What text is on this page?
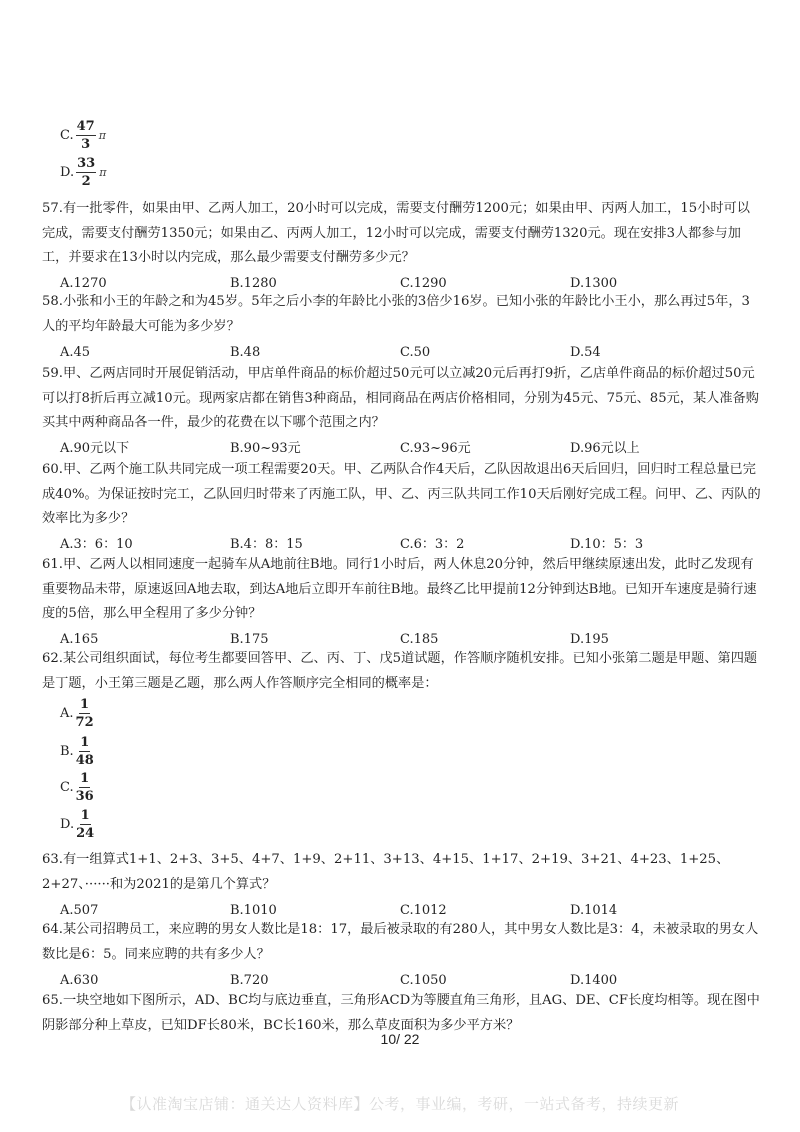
C. $\frac{47}{3}$ π
D. $\frac{33}{2}$ π
57.有一批零件，如果由甲、乙两人加工，20小时可以完成，需要支付酬劳1200元；如果由甲、丙两人加工，15小时可以完成，需要支付酬劳1350元；如果由乙、丙两人加工，12小时可以完成，需要支付酬劳1320元。现在安排3人都参与加工，并要求在13小时以内完成，那么最少需要支付酬劳多少元？
A.1270	B.1280	C.1290	D.1300
58.小张和小王的年龄之和为45岁。5年之后小李的年龄比小张的3倍少16岁。已知小张的年龄比小王小，那么再过5年，3人的平均年龄最大可能为多少岁？
A.45	B.48	C.50	D.54
59.甲、乙两店同时开展促销活动，甲店单件商品的标价超过50元可以立减20元后再打9折，乙店单件商品的标价超过50元可以打8折后再立减10元。现两家店都在销售3种商品，相同商品在两店价格相同，分别为45元、75元、85元，某人准备购买其中两种商品各一件，最少的花费在以下哪个范围之内？
A.90元以下	B.90~93元	C.93~96元	D.96元以上
60.甲、乙两个施工队共同完成一项工程需要20天。甲、乙两队合作4天后，乙队因故退出6天后回归，回归时工程总量已完成40%。为保证按时完工，乙队回归时带来了丙施工队，甲、乙、丙三队共同工作10天后刚好完成工程。问甲、乙、丙队的效率比为多少？
A.3：6：10	B.4：8：15	C.6：3：2	D.10：5：3
61.甲、乙两人以相同速度一起骑车从A地前往B地。同行1小时后，两人休息20分钟，然后甲继续原速出发，此时乙发现有重要物品未带，原速返回A地去取，到达A地后立即开车前往B地。最终乙比甲提前12分钟到达B地。已知开车速度是骑行速度的5倍，那么甲全程用了多少分钟？
A.165	B.175	C.185	D.195
62.某公司组织面试，每位考生都要回答甲、乙、丙、丁、戊5道试题，作答顺序随机安排。已知小张第二题是甲题、第四题是丁题，小王第三题是乙题，那么两人作答顺序完全相同的概率是：
A. $\frac{1}{72}$
B. $\frac{1}{48}$
C. $\frac{1}{36}$
D. $\frac{1}{24}$
63.有一组算式1+1、2+3、3+5、4+7、1+9、2+11、3+13、4+15、1+17、2+19、3+21、4+23、1+25、2+27、······和为2021的是第几个算式？
A.507	B.1010	C.1012	D.1014
64.某公司招聘员工，来应聘的男女人数比是18：17，最后被录取的有280人，其中男女人数比是3：4，未被录取的男女人数比是6：5。同来应聘的共有多少人？
A.630	B.720	C.1050	D.1400
65.一块空地如下图所示，AD、BC均与底边垂直，三角形ACD为等腰直角三角形，且AG、DE、CF长度均相等。现在图中阴影部分种上草皮，已知DF长80米，BC长160米，那么草皮面积为多少平方米？
10/ 22
【认准淘宝店铺：通关达人资料库】公考，事业编，考研，一站式备考，持续更新
